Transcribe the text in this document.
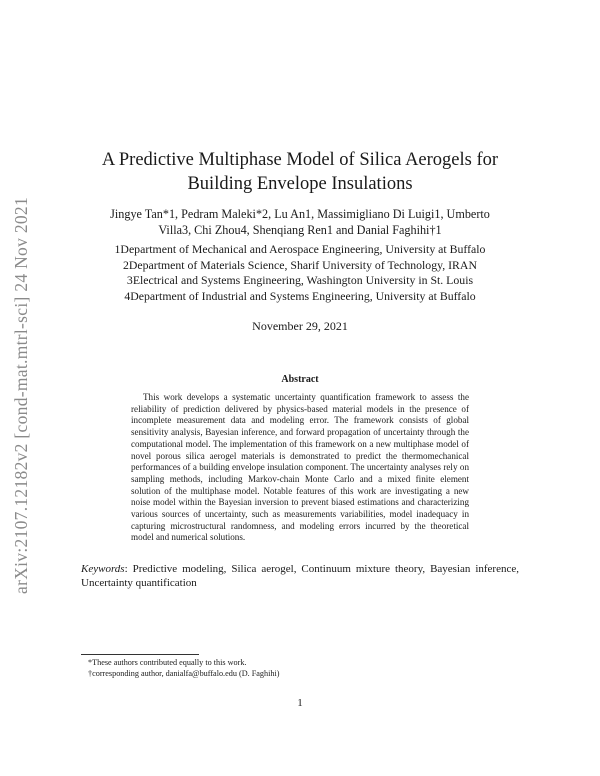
arXiv:2107.12182v2 [cond-mat.mtrl-sci] 24 Nov 2021
A Predictive Multiphase Model of Silica Aerogels for
Building Envelope Insulations
Jingye Tan*1, Pedram Maleki*2, Lu An1, Massimigliano Di Luigi1, Umberto
Villa3, Chi Zhou4, Shenqiang Ren1 and Danial Faghihi†1
1Department of Mechanical and Aerospace Engineering, University at Buffalo
2Department of Materials Science, Sharif University of Technology, IRAN
3Electrical and Systems Engineering, Washington University in St. Louis
4Department of Industrial and Systems Engineering, University at Buffalo
November 29, 2021
Abstract

This work develops a systematic uncertainty quantification framework to assess the reliability of prediction delivered by physics-based material models in the presence of incomplete measurement data and modeling error. The framework consists of global sensitivity analysis, Bayesian inference, and forward propagation of uncertainty through the computational model. The implementation of this framework on a new multiphase model of novel porous silica aerogel materials is demonstrated to predict the thermomechanical performances of a building envelope insulation component. The uncertainty analyses rely on sampling methods, including Markov-chain Monte Carlo and a mixed finite element solution of the multiphase model. Notable features of this work are investigating a new noise model within the Bayesian inversion to prevent biased estimations and characterizing various sources of uncertainty, such as measurements variabilities, model inadequacy in capturing microstructural randomness, and modeling errors incurred by the theoretical model and numerical solutions.

Keywords: Predictive modeling, Silica aerogel, Continuum mixture theory, Bayesian inference, Uncertainty quantification

*These authors contributed equally to this work.
†corresponding author, danialfa@buffalo.edu (D. Faghihi)
1
